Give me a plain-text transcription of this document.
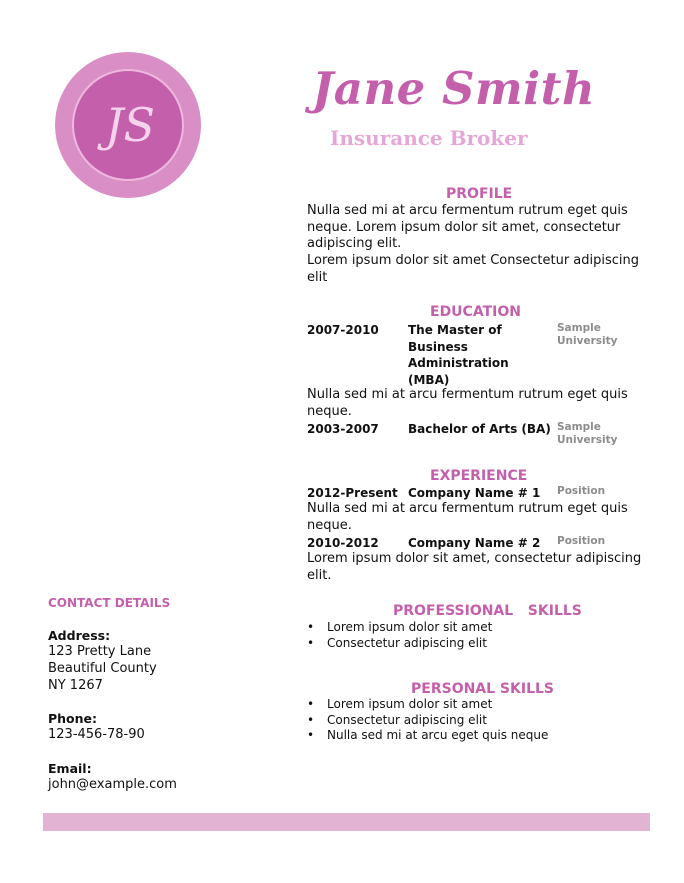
JS
Jane Smith
Insurance Broker
PROFILE
Nulla sed mi at arcu fermentum rutrum eget quis neque. Lorem ipsum dolor sit amet, consectetur adipiscing elit.
Lorem ipsum dolor sit amet Consectetur adipiscing elit
EDUCATION
2007-2010 The Master of Business Administration (MBA)
Sample University
Nulla sed mi at arcu fermentum rutrum eget quis neque.
2003-2007 Bachelor of Arts (BA) Sample University
EXPERIENCE
2012-Present Company Name # 1 Position
Nulla sed mi at arcu fermentum rutrum eget quis neque.
2010-2012 Company Name # 2 Position
Lorem ipsum dolor sit amet, consectetur adipiscing elit.
PROFESSIONAL   SKILLS
• Lorem ipsum dolor sit amet
• Consectetur adipiscing elit
PERSONAL SKILLS
• Lorem ipsum dolor sit amet
• Consectetur adipiscing elit
• Nulla sed mi at arcu eget quis neque
CONTACT DETAILS
Address:
123 Pretty Lane
Beautiful County
NY 1267
Phone:
123-456-78-90
Email:
john@example.com
